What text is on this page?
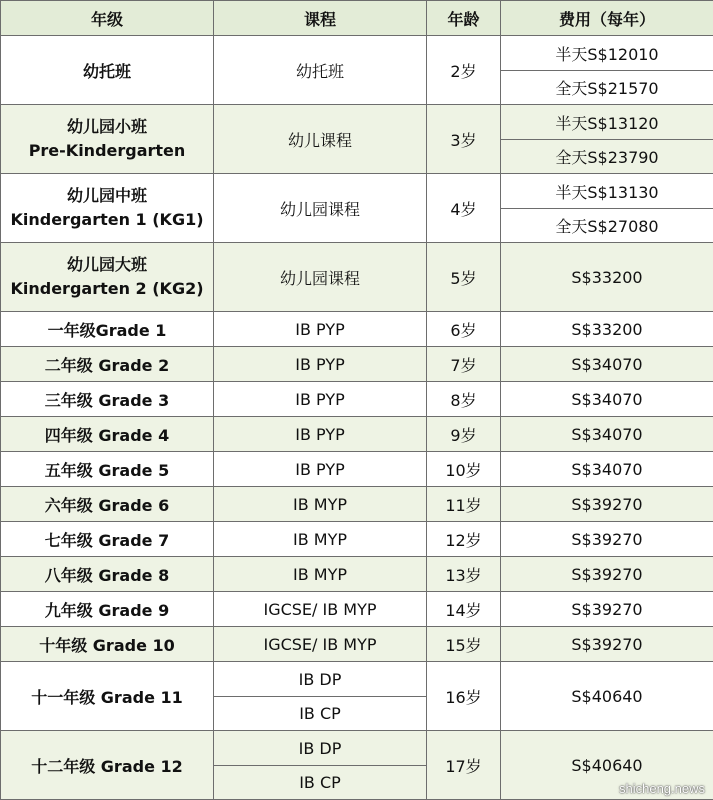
年级	课程	年龄	费用（每年）
幼托班	幼托班	2岁	半天S$12010
			全天S$21570

幼儿园小班
Pre-Kindergarten	幼儿课程	3岁	半天S$13120
			全天S$23790

幼儿园中班
Kindergarten 1 (KG1)	幼儿园课程	4岁	半天S$13130
			全天S$27080

幼儿园大班
Kindergarten 2 (KG2)	幼儿园课程	5岁	S$33200
一年级Grade 1	IB PYP	6岁	S$33200
二年级 Grade 2	IB PYP	7岁	S$34070
三年级 Grade 3	IB PYP	8岁	S$34070
四年级 Grade 4	IB PYP	9岁	S$34070
五年级 Grade 5	IB PYP	10岁	S$34070
六年级 Grade 6	IB MYP	11岁	S$39270
七年级 Grade 7	IB MYP	12岁	S$39270
八年级 Grade 8	IB MYP	13岁	S$39270
九年级 Grade 9	IGCSE/ IB MYP	14岁	S$39270
十年级 Grade 10	IGCSE/ IB MYP	15岁	S$39270
十一年级 Grade 11	IB DP	16岁	S$40640
	IB CP		
十二年级 Grade 12	IB DP	17岁	S$40640
	IB CP			shicheng.news
